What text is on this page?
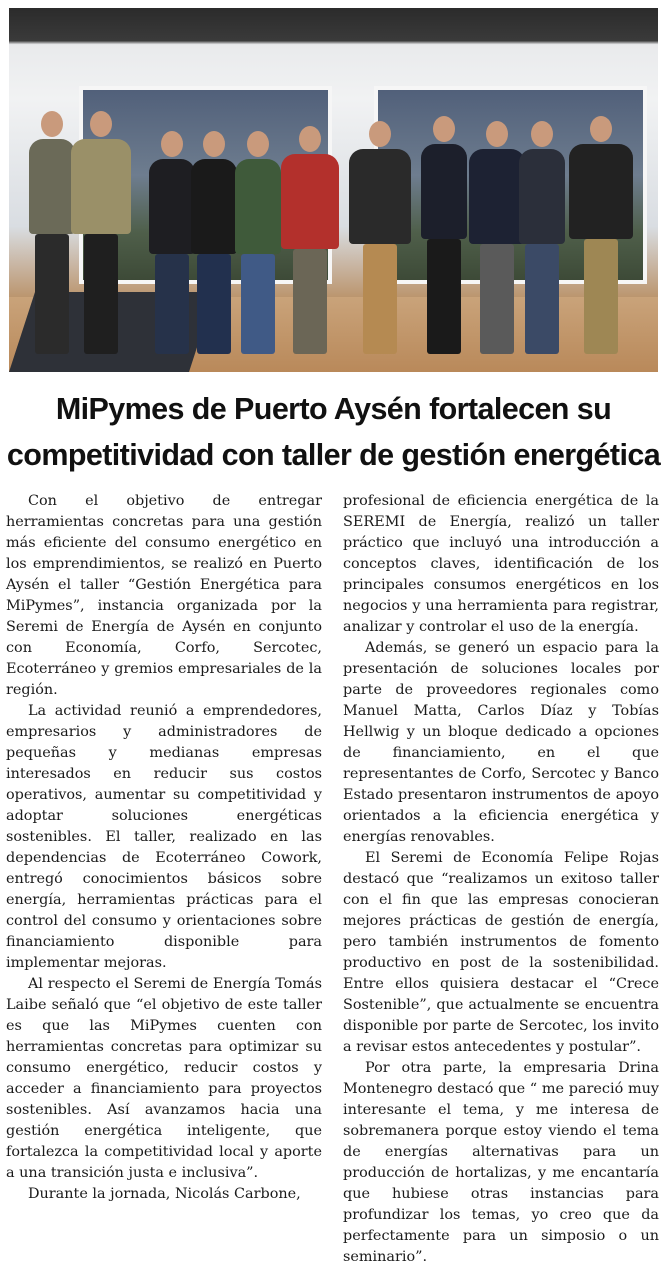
MiPymes de Puerto Aysén fortalecen su
competitividad con taller de gestión energética

Con el objetivo de entregar herramientas concretas para una gestión más eficiente del consumo energético en los emprendimientos, se realizó en Puerto Aysén el taller “Gestión Energética para MiPymes”, instancia organizada por la Seremi de Energía de Aysén en conjunto con Economía, Corfo, Sercotec, Ecoterráneo y gremios empresariales de la región.

La actividad reunió a emprendedores, empresarios y administradores de pequeñas y medianas empresas interesados en reducir sus costos operativos, aumentar su competitividad y adoptar soluciones energéticas sostenibles. El taller, realizado en las dependencias de Ecoterráneo Cowork, entregó conocimientos básicos sobre energía, herramientas prácticas para el control del consumo y orientaciones sobre financiamiento disponible para implementar mejoras.

Al respecto el Seremi de Energía Tomás Laibe señaló que “el objetivo de este taller es que las MiPymes cuenten con herramientas concretas para optimizar su consumo energético, reducir costos y acceder a financiamiento para proyectos sostenibles. Así avanzamos hacia una gestión energética inteligente, que fortalezca la competitividad local y aporte a una transición justa e inclusiva”.

Durante la jornada, Nicolás Carbone,

profesional de eficiencia energética de la SEREMI de Energía, realizó un taller práctico que incluyó una introducción a conceptos claves, identificación de los principales consumos energéticos en los negocios y una herramienta para registrar, analizar y controlar el uso de la energía.

Además, se generó un espacio para la presentación de soluciones locales por parte de proveedores regionales como Manuel Matta, Carlos Díaz y Tobías Hellwig y un bloque dedicado a opciones de financiamiento, en el que representantes de Corfo, Sercotec y Banco Estado presentaron instrumentos de apoyo orientados a la eficiencia energética y energías renovables.

El Seremi de Economía Felipe Rojas destacó que “realizamos un exitoso taller con el fin que las empresas conocieran mejores prácticas de gestión de energía, pero también instrumentos de fomento productivo en post de la sostenibilidad. Entre ellos quisiera destacar el “Crece Sostenible”, que actualmente se encuentra disponible por parte de Sercotec, los invito a revisar estos antecedentes y postular”.

Por otra parte, la empresaria Drina Montenegro destacó que “ me pareció muy interesante el tema, y me interesa de sobremanera porque estoy viendo el tema de energías alternativas para un producción de hortalizas, y me encantaría que hubiese otras instancias para profundizar los temas, yo creo que da perfectamente para un simposio o un seminario”.
